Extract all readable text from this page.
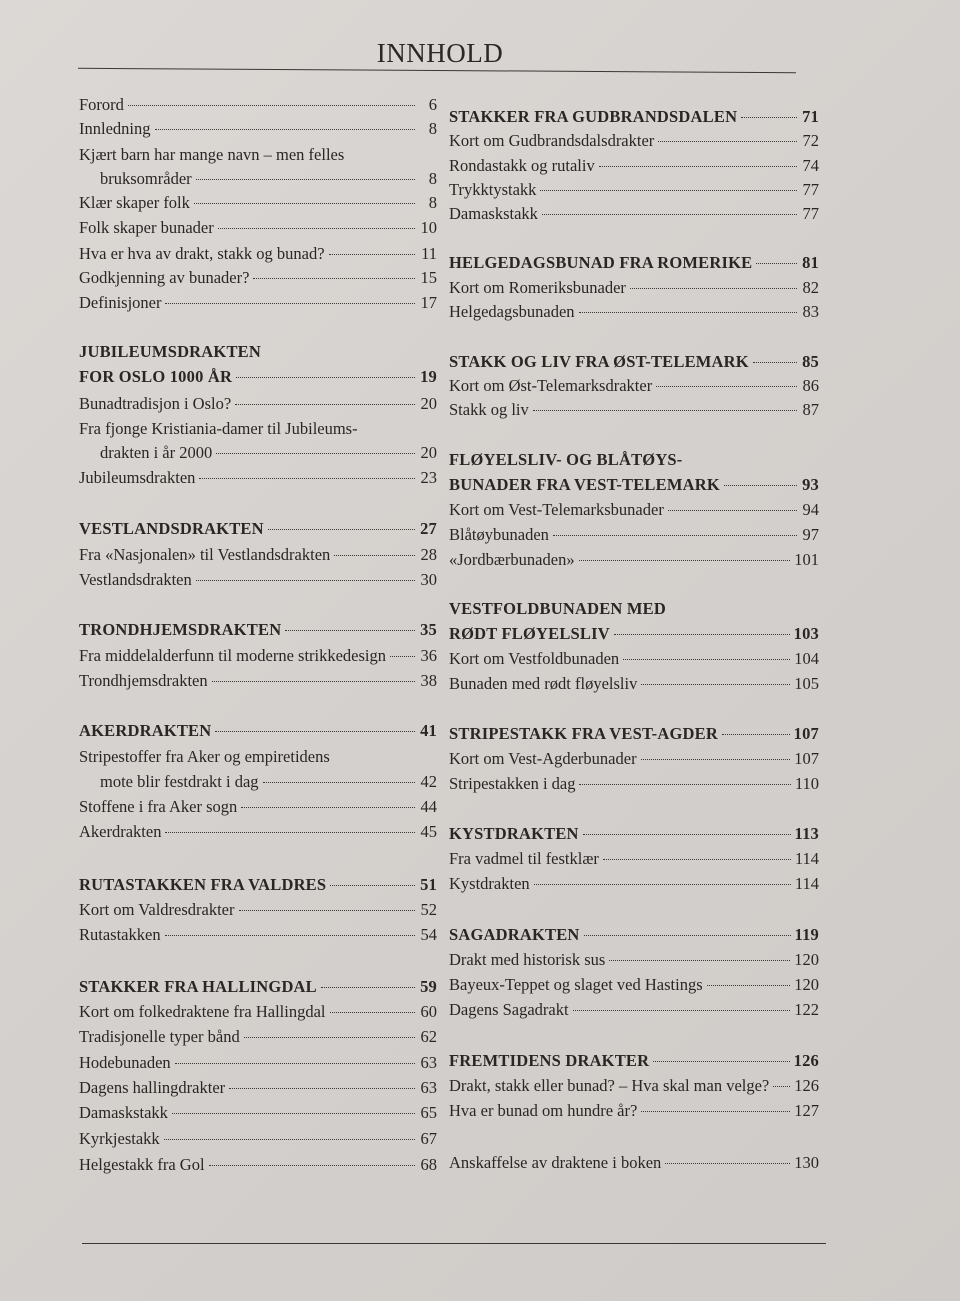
INNHOLD
Forord	6
Innledning	8
Kjært barn har mange navn – men felles
bruksområder	8
Klær skaper folk	8
Folk skaper bunader	10
Hva er hva av drakt, stakk og bunad?	11
Godkjenning av bunader?	15
Definisjoner	17
JUBILEUMSDRAKTEN
FOR OSLO 1000 ÅR	19
Bunadtradisjon i Oslo?	20
Fra fjonge Kristiania-damer til Jubileums-
drakten i år 2000	20
Jubileumsdrakten	23
VESTLANDSDRAKTEN	27
Fra «Nasjonalen» til Vestlandsdrakten	28
Vestlandsdrakten	30
TRONDHJEMSDRAKTEN	35
Fra middelalderfunn til moderne strikkedesign 36
Trondhjemsdrakten	38
AKERDRAKTEN	41
Stripestoffer fra Aker og empiretidens
mote blir festdrakt i dag	42
Stoffene i fra Aker sogn	44
Akerdrakten	45
RUTASTAKKEN FRA VALDRES	51
Kort om Valdresdrakter	52
Rutastakken	54
STAKKER FRA HALLINGDAL	59
Kort om folkedraktene fra Hallingdal	60
Tradisjonelle typer bånd	62
Hodebunaden	63
Dagens hallingdrakter	63
Damaskstakk	65
Kyrkjestakk	67
Helgestakk fra Gol	68
STAKKER FRA GUDBRANDSDALEN	71
Kort om Gudbrandsdalsdrakter	72
Rondastakk og rutaliv	74
Trykktystakk	77
Damaskstakk	77
HELGEDAGSBUNAD FRA ROMERIKE	81
Kort om Romeriksbunader	82
Helgedagsbunaden	83
STAKK OG LIV FRA ØST-TELEMARK	85
Kort om Øst-Telemarksdrakter	86
Stakk og liv	87
FLØYELSLIV- OG BLÅTØYS-
BUNADER FRA VEST-TELEMARK	93
Kort om Vest-Telemarksbunader	94
Blåtøybunaden	97
«Jordbærbunaden»	101
VESTFOLDBUNADEN MED
RØDT FLØYELSLIV	103
Kort om Vestfoldbunaden	104
Bunaden med rødt fløyelsliv	105
STRIPESTAKK FRA VEST-AGDER	107
Kort om Vest-Agderbunader	107
Stripestakken i dag	110
KYSTDRAKTEN	113
Fra vadmel til festklær	114
Kystdrakten	114
SAGADRAKTEN	119
Drakt med historisk sus	120
Bayeux-Teppet og slaget ved Hastings	120
Dagens Sagadrakt	122
FREMTIDENS DRAKTER	126
Drakt, stakk eller bunad? – Hva skal man velge? 126
Hva er bunad om hundre år?	127
Anskaffelse av draktene i boken	130
